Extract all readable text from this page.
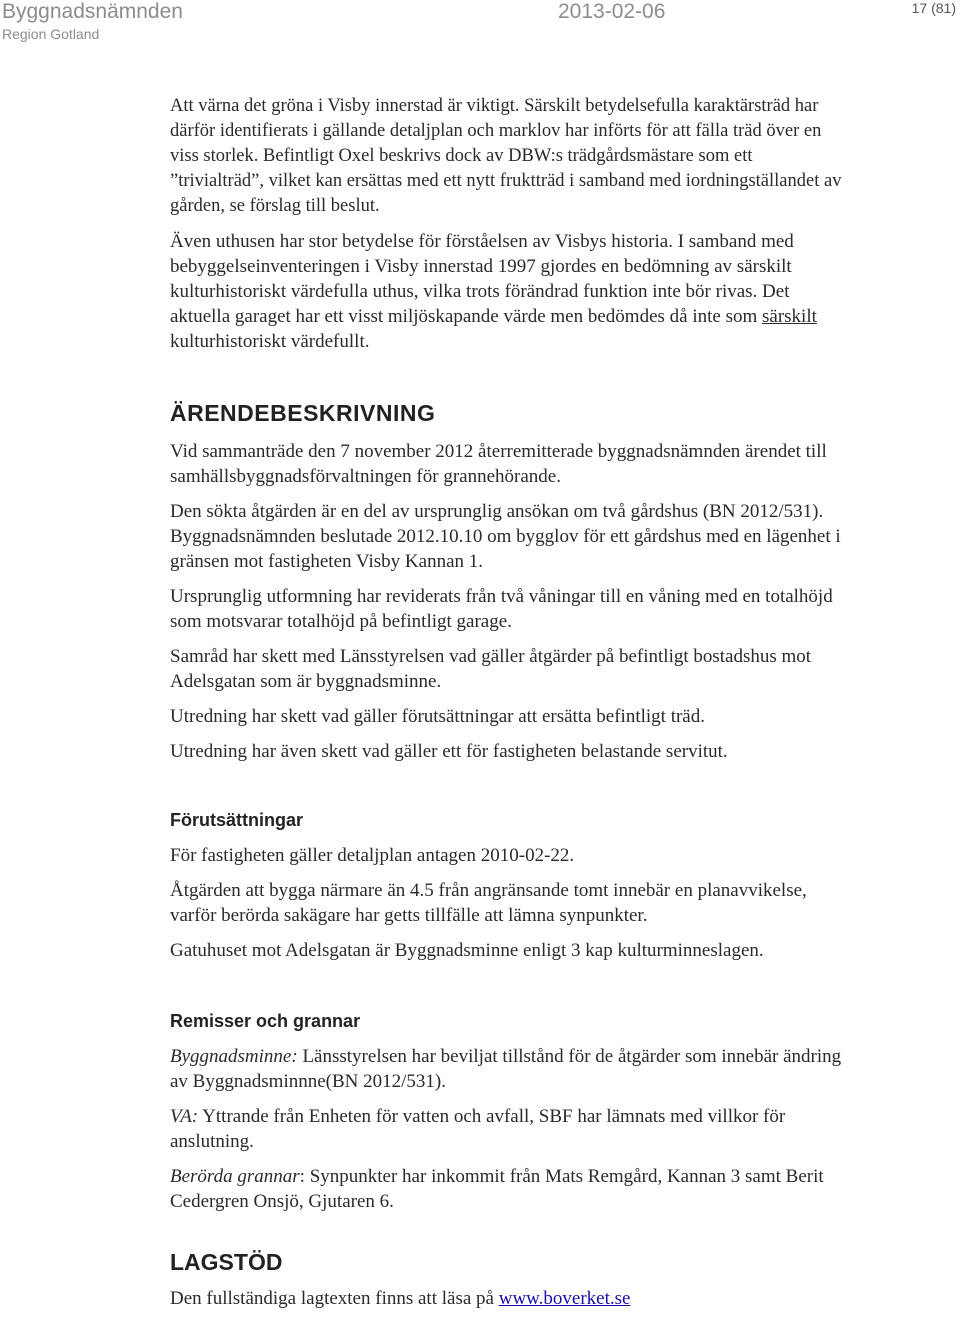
Byggnadsnämnden
Region Gotland
2013-02-06	17 (81)

Att värna det gröna i Visby innerstad är viktigt. Särskilt betydelsefulla karaktärsträd har därför identifierats i gällande detaljplan och marklov har införts för att fälla träd över en viss storlek. Befintligt Oxel beskrivs dock av DBW:s trädgårdsmästare som ett ”trivialträd”, vilket kan ersättas med ett nytt fruktträd i samband med iordningställandet av gården, se förslag till beslut.

Även uthusen har stor betydelse för förståelsen av Visbys historia. I samband med bebyggelseinventeringen i Visby innerstad 1997 gjordes en bedömning av särskilt kulturhistoriskt värdefulla uthus, vilka trots förändrad funktion inte bör rivas. Det aktuella garaget har ett visst miljöskapande värde men bedömdes då inte som särskilt kulturhistoriskt värdefullt.

ÄRENDEBESKRIVNING

Vid sammanträde den 7 november 2012 återremitterade byggnadsnämnden ärendet till samhällsbyggnadsförvaltningen för grannehörande.

Den sökta åtgärden är en del av ursprunglig ansökan om två gårdshus (BN 2012/531). Byggnadsnämnden beslutade 2012.10.10 om bygglov för ett gårdshus med en lägenhet i gränsen mot fastigheten Visby Kannan 1.

Ursprunglig utformning har reviderats från två våningar till en våning med en totalhöjd som motsvarar totalhöjd på befintligt garage.

Samråd har skett med Länsstyrelsen vad gäller åtgärder på befintligt bostadshus mot Adelsgatan som är byggnadsminne.

Utredning har skett vad gäller förutsättningar att ersätta befintligt träd.

Utredning har även skett vad gäller ett för fastigheten belastande servitut.

Förutsättningar

För fastigheten gäller detaljplan antagen 2010-02-22.

Åtgärden att bygga närmare än 4.5 från angränsande tomt innebär en planavvikelse, varför berörda sakägare har getts tillfälle att lämna synpunkter.

Gatuhuset mot Adelsgatan är Byggnadsminne enligt 3 kap kulturminneslagen.

Remisser och grannar

Byggnadsminne: Länsstyrelsen har beviljat tillstånd för de åtgärder som innebär ändring av Byggnadsminnne(BN 2012/531).

VA: Yttrande från Enheten för vatten och avfall, SBF har lämnats med villkor för anslutning.

Berörda grannar: Synpunkter har inkommit från Mats Remgård, Kannan 3 samt Berit Cedergren Onsjö, Gjutaren 6.

LAGSTÖD

Den fullständiga lagtexten finns att läsa på www.boverket.se
